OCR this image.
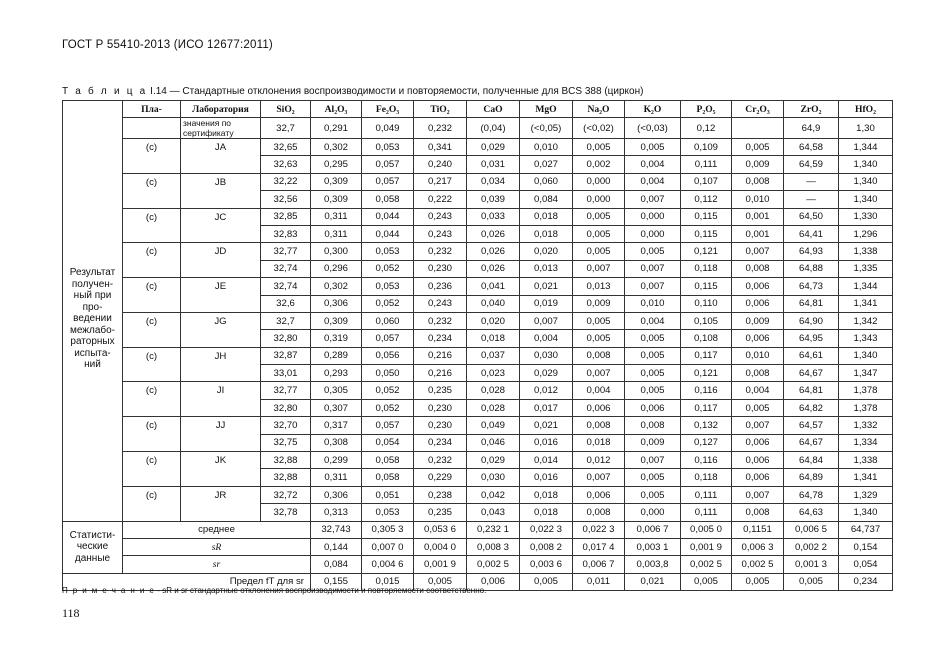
ГОСТ Р 55410-2013 (ИСО 12677:2011)
Т а б л и ц а I.14 — Стандартные отклонения воспроизводимости и повторяемости, полученные для BCS 388 (циркон)
	Пла-	Лаборатория	SiO₂	Al₂O₃	Fe₂O₃	TiO₂	CaO	MgO	Na₂O	K₂O	P₂O₅	Cr₂O₃	ZrO₂	HfO₂	
Результат получен-ный при про-ведении межлабо-раторных испыта- ний		значения по сертификату	32,7	0,291	0,049	0,232	(0,04)	(<0,05)	(<0,02)	(<0,03)	0,12		64,9	1,30	
	(c)	JA	32,65	0,302	0,053	0,341	0,029	0,010	0,005	0,005	0,109	0,005	64,58	1,344	
			32,63	0,295	0,057	0,240	0,031	0,027	0,002	0,004	0,111	0,009	64,59	1,340	
	(c)	JB	32,22	0,309	0,057	0,217	0,034	0,060	0,000	0,004	0,107	0,008	—	1,340	
			32,56	0,309	0,058	0,222	0,039	0,084	0,000	0,007	0,112	0,010	—	1,340	
	(c)	JC	32,85	0,311	0,044	0,243	0,033	0,018	0,005	0,000	0,115	0,001	64,50	1,330	
			32,83	0,311	0,044	0,243	0,026	0,018	0,005	0,000	0,115	0,001	64,41	1,296	
	(c)	JD	32,77	0,300	0,053	0,232	0,026	0,020	0,005	0,005	0,121	0,007	64,93	1,338	
			32,74	0,296	0,052	0,230	0,026	0,013	0,007	0,007	0,118	0,008	64,88	1,335	
	(c)	JE	32,74	0,302	0,053	0,236	0,041	0,021	0,013	0,007	0,115	0,006	64,73	1,344	
			32,6	0,306	0,052	0,243	0,040	0,019	0,009	0,010	0,110	0,006	64,81	1,341	
	(c)	JG	32,7	0,309	0,060	0,232	0,020	0,007	0,005	0,004	0,105	0,009	64,90	1,342	
			32,80	0,319	0,057	0,234	0,018	0,004	0,005	0,005	0,108	0,006	64,95	1,343	
	(c)	JH	32,87	0,289	0,056	0,216	0,037	0,030	0,008	0,005	0,117	0,010	64,61	1,340	
			33,01	0,293	0,050	0,216	0,023	0,029	0,007	0,005	0,121	0,008	64,67	1,347	
	(c)	JI	32,77	0,305	0,052	0,235	0,028	0,012	0,004	0,005	0,116	0,004	64,81	1,378	
			32,80	0,307	0,052	0,230	0,028	0,017	0,006	0,006	0,117	0,005	64,82	1,378	
	(c)	JJ	32,70	0,317	0,057	0,230	0,049	0,021	0,008	0,008	0,132	0,007	64,57	1,332	
			32,75	0,308	0,054	0,234	0,046	0,016	0,018	0,009	0,127	0,006	64,67	1,334	
	(c)	JK	32,88	0,299	0,058	0,232	0,029	0,014	0,012	0,007	0,116	0,006	64,84	1,338	
			32,88	0,311	0,058	0,229	0,030	0,016	0,007	0,005	0,118	0,006	64,89	1,341	
	(c)	JR	32,72	0,306	0,051	0,238	0,042	0,018	0,006	0,005	0,111	0,007	64,78	1,329	
			32,78	0,313	0,053	0,235	0,043	0,018	0,008	0,000	0,111	0,008	64,63	1,340	
Статисти-ческие данные	среднее			32,743	0,305 3	0,053 6	0,232 1	0,022 3	0,022 3	0,006 7	0,005 0	0,1151	0,006 5	64,737	
	sR			0,144	0,007 0	0,004 0	0,008 3	0,008 2	0,017 4	0,003 1	0,001 9	0,006 3	0,002 2	0,154	
	sr			0,084	0,004 6	0,001 9	0,002 5	0,003 6	0,006 7	0,003,8	0,002 5	0,002 5	0,001 3	0,054	
Предел fT для sr				0,155	0,015	0,005	0,006	0,005	0,011	0,021	0,005	0,005	0,005	0,234	
П р и м е ч а н и е - sR и sr стандартные отклонения воспроизводимости и повторяемости соответственно.
118
